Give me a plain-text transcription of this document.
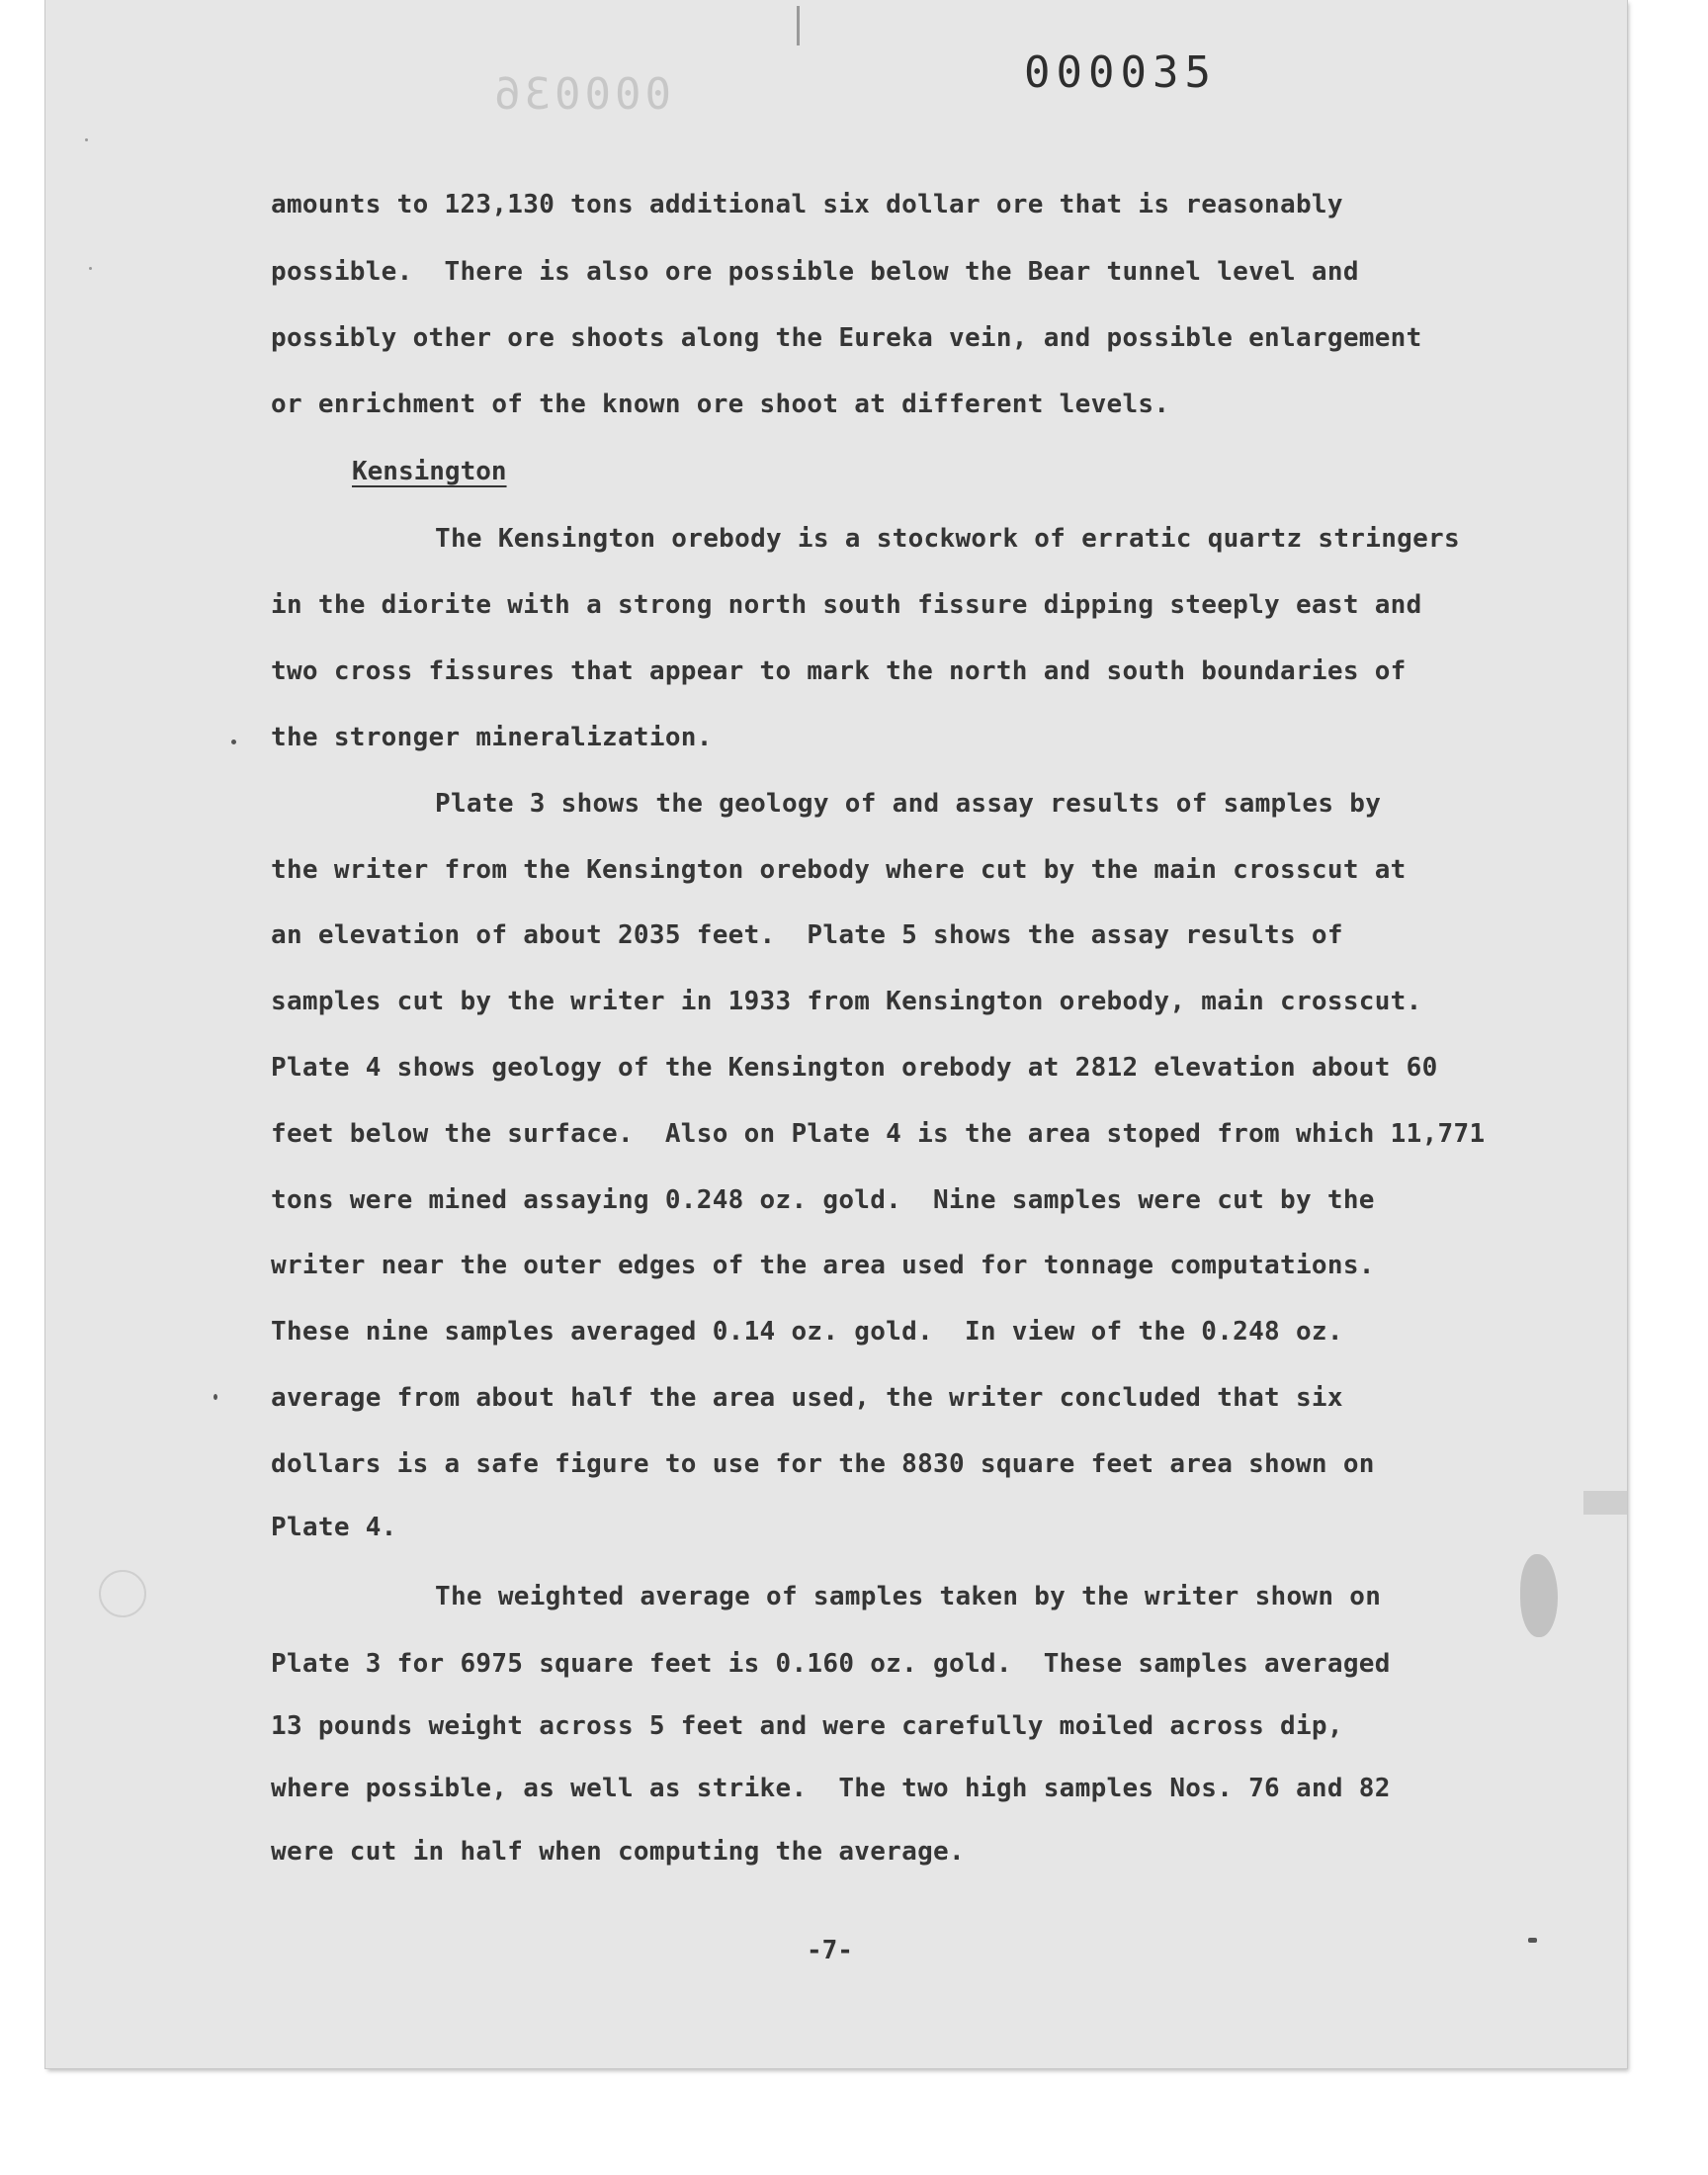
000036	000035
amounts to 123,130 tons additional six dollar ore that is reasonably
possible.  There is also ore possible below the Bear tunnel level and
possibly other ore shoots along the Eureka vein, and possible enlargement
or enrichment of the known ore shoot at different levels.
Kensington
The Kensington orebody is a stockwork of erratic quartz stringers
in the diorite with a strong north south fissure dipping steeply east and
two cross fissures that appear to mark the north and south boundaries of
the stronger mineralization.
Plate 3 shows the geology of and assay results of samples by
the writer from the Kensington orebody where cut by the main crosscut at
an elevation of about 2035 feet.  Plate 5 shows the assay results of
samples cut by the writer in 1933 from Kensington orebody, main crosscut.
Plate 4 shows geology of the Kensington orebody at 2812 elevation about 60
feet below the surface.  Also on Plate 4 is the area stoped from which 11,771
tons were mined assaying 0.248 oz. gold.  Nine samples were cut by the
writer near the outer edges of the area used for tonnage computations.
These nine samples averaged 0.14 oz. gold.  In view of the 0.248 oz.
average from about half the area used, the writer concluded that six
dollars is a safe figure to use for the 8830 square feet area shown on
Plate 4.
The weighted average of samples taken by the writer shown on
Plate 3 for 6975 square feet is 0.160 oz. gold.  These samples averaged
13 pounds weight across 5 feet and were carefully moiled across dip,
where possible, as well as strike.  The two high samples Nos. 76 and 82
were cut in half when computing the average.
-7-
